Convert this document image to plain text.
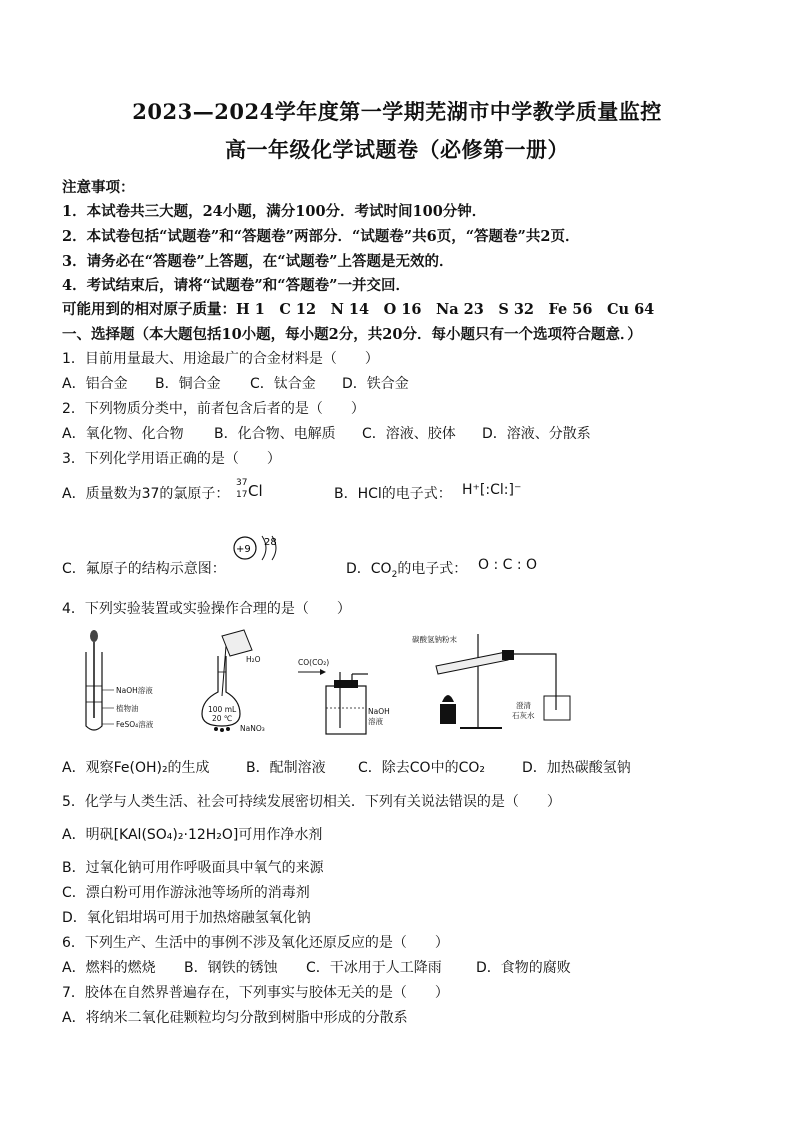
2023—2024学年度第一学期芜湖市中学教学质量监控
高一年级化学试题卷（必修第一册）
注意事项：
1．本试卷共三大题，24小题，满分100分．考试时间100分钟．
2．本试卷包括“试题卷”和“答题卷”两部分．“试题卷”共6页，“答题卷”共2页．
3．请务必在“答题卷”上答题，在“试题卷”上答题是无效的．
4．考试结束后，请将“试题卷”和“答题卷”一并交回．
可能用到的相对原子质量：H 1　C 12　N 14　O 16　Na 23　S 32　Fe 56　Cu 64
一、选择题（本大题包括10小题，每小题2分，共20分．每小题只有一个选项符合题意．）
1．目前用量最大、用途最广的合金材料是（　　）
A．铝合金 B．铜合金 C．钛合金 D．铁合金
2．下列物质分类中，前者包含后者的是（　　）
A．氧化物、化合物 B．化合物、电解质 C．溶液、胶体 D．溶液、分散系
3．下列化学用语正确的是（　　）
A．质量数为37的氯原子：
37
17 Cl	B．HCl的电子式： H⁺[:Cl:]⁻
C．氟原子的结构示意图：
+9
28
D．$CO_2$的电子式： O : C : O
4．下列实验装置或实验操作合理的是（　　）
NaOH溶液
植物油
FeSO₄溶液
H₂O
100 mL
20 ℃
NaNO₃
CO(CO₂)
NaOH
溶液
碳酸氢钠粉末
澄清
石灰水
A．观察Fe(OH)₂的生成	B．配制溶液 C．除去CO中的CO₂	D．加热碳酸氢钠
5．化学与人类生活、社会可持续发展密切相关．下列有关说法错误的是（　　）
A．明矾[KAl(SO₄)₂·12H₂O]可用作净水剂
B．过氧化钠可用作呼吸面具中氧气的来源
C．漂白粉可用作游泳池等场所的消毒剂
D．氧化铝坩埚可用于加热熔融氢氧化钠
6．下列生产、生活中的事例不涉及氧化还原反应的是（　　）
A．燃料的燃烧 B．钢铁的锈蚀 C．干冰用于人工降雨 D．食物的腐败
7．胶体在自然界普遍存在，下列事实与胶体无关的是（　　）
A．将纳米二氧化硅颗粒均匀分散到树脂中形成的分散系
